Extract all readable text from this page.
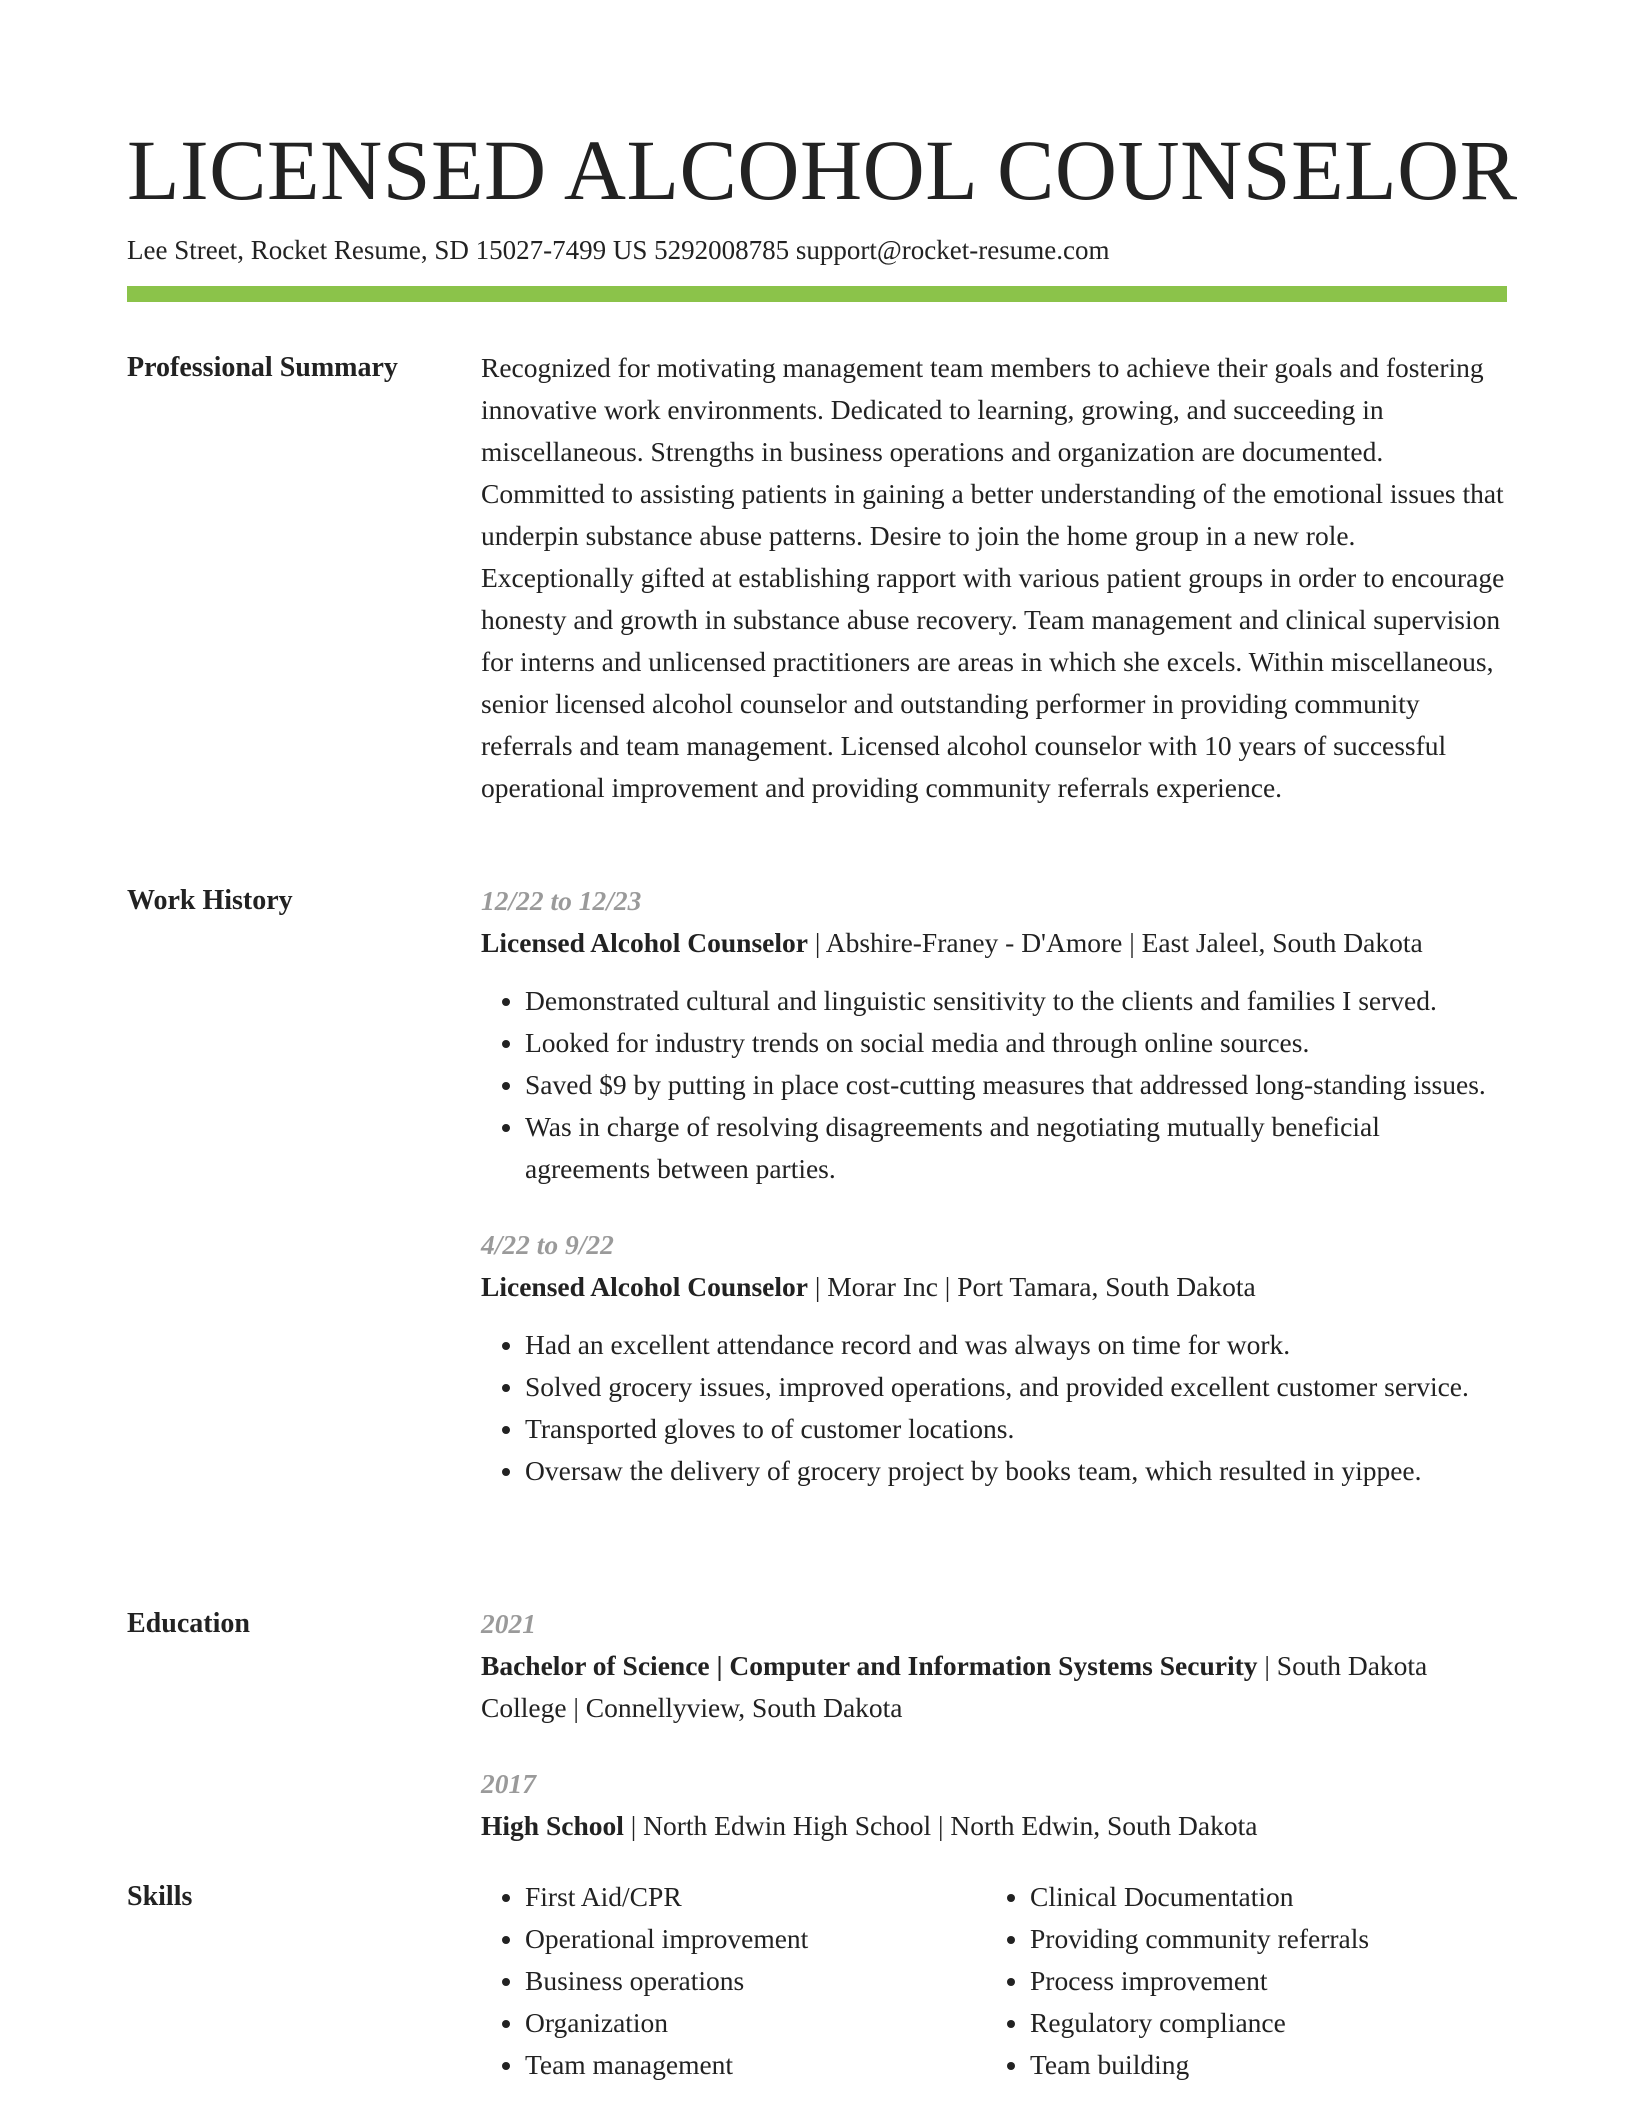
LICENSED ALCOHOL COUNSELOR
Lee Street, Rocket Resume, SD 15027-7499 US 5292008785 support@rocket-resume.com
Professional Summary	Recognized for motivating management team members to achieve their goals and fostering innovative work environments. Dedicated to learning, growing, and succeeding in miscellaneous. Strengths in business operations and organization are documented. Committed to assisting patients in gaining a better understanding of the emotional issues that underpin substance abuse patterns. Desire to join the home group in a new role. Exceptionally gifted at establishing rapport with various patient groups in order to encourage honesty and growth in substance abuse recovery. Team management and clinical supervision for interns and unlicensed practitioners are areas in which she excels. Within miscellaneous, senior licensed alcohol counselor and outstanding performer in providing community referrals and team management. Licensed alcohol counselor with 10 years of successful operational improvement and providing community referrals experience.

Work History	12/22 to 12/23
Licensed Alcohol Counselor | Abshire-Franey - D'Amore | East Jaleel, South Dakota
• Demonstrated cultural and linguistic sensitivity to the clients and families I served.
• Looked for industry trends on social media and through online sources.
• Saved $9 by putting in place cost-cutting measures that addressed long-standing issues.
• Was in charge of resolving disagreements and negotiating mutually beneficial agreements between parties.
4/22 to 9/22
Licensed Alcohol Counselor | Morar Inc | Port Tamara, South Dakota
• Had an excellent attendance record and was always on time for work.
• Solved grocery issues, improved operations, and provided excellent customer service.
• Transported gloves to of customer locations.
• Oversaw the delivery of grocery project by books team, which resulted in yippee.
Education	2021
Bachelor of Science | Computer and Information Systems Security | South Dakota College | Connellyview, South Dakota
2017
High School | North Edwin High School | North Edwin, South Dakota
Skills
•	First Aid/CPR
• Operational improvement
• Business operations
• Organization
• Team management
• Clinical Documentation
• Providing community referrals
• Process improvement
• Regulatory compliance
• Team building
